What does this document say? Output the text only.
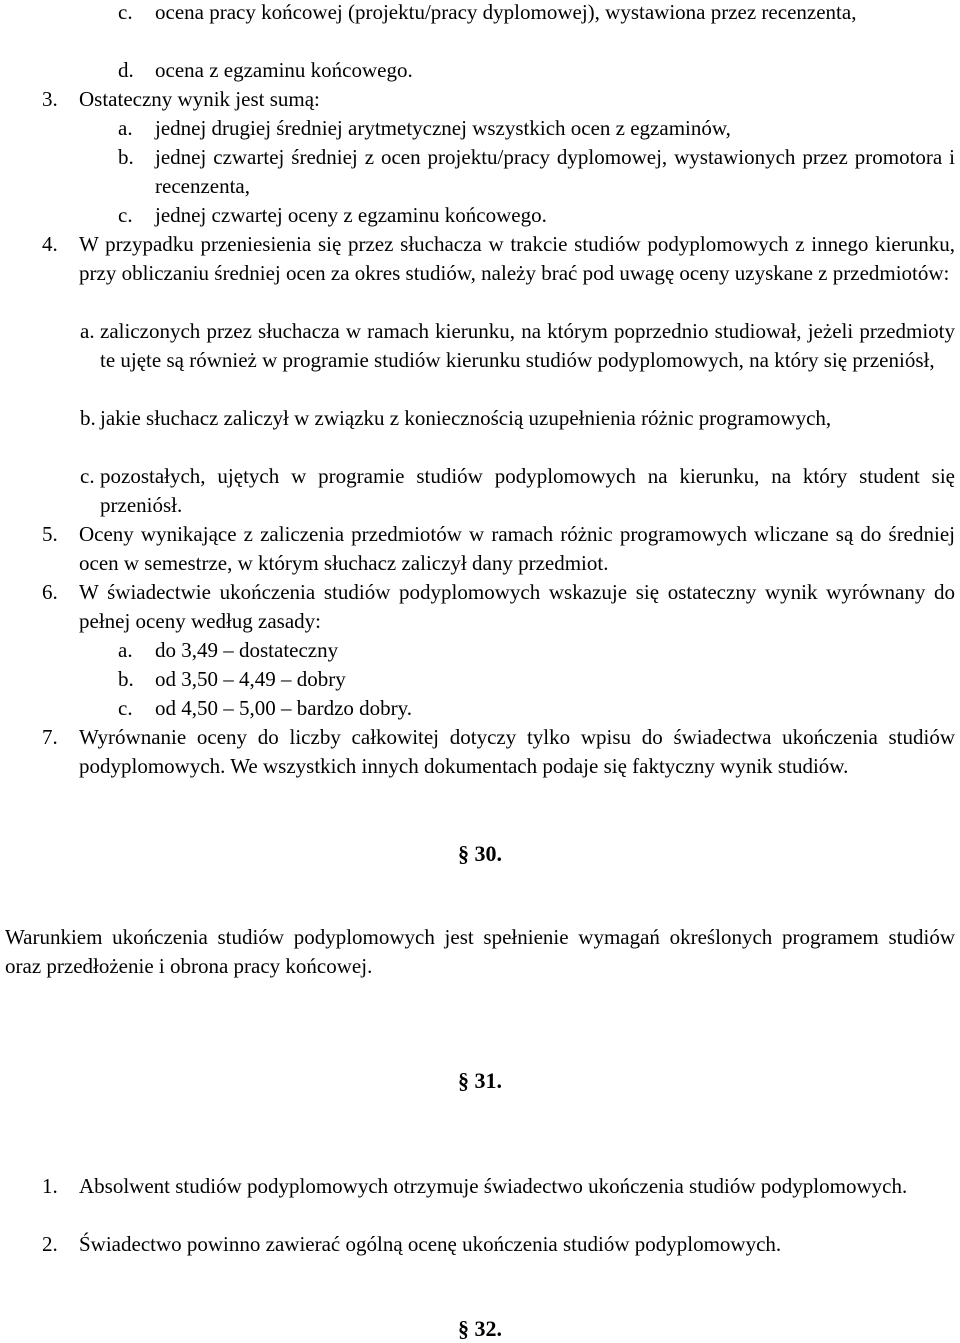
c.	ocena pracy końcowej (projektu/pracy dyplomowej), wystawiona przez recenzenta,
d.	ocena z egzaminu końcowego.
3.	Ostateczny wynik jest sumą:
a.	jednej drugiej średniej arytmetycznej wszystkich ocen z egzaminów,
b.	jednej czwartej średniej z ocen projektu/pracy dyplomowej, wystawionych przez promotora i recenzenta,
c.	jednej czwartej oceny z egzaminu końcowego.
4.	W przypadku przeniesienia się przez słuchacza w trakcie studiów podyplomowych z innego kierunku, przy obliczaniu średniej ocen za okres studiów, należy brać pod uwagę oceny uzyskane z przedmiotów:
a. zaliczonych przez słuchacza w ramach kierunku, na którym poprzednio studiował, jeżeli przedmioty te ujęte są również w programie studiów kierunku studiów podyplomowych, na który się przeniósł,
b. jakie słuchacz zaliczył w związku z koniecznością uzupełnienia różnic programowych,
c. pozostałych, ujętych w programie studiów podyplomowych na kierunku, na który student się przeniósł.
5.	Oceny wynikające z zaliczenia przedmiotów w ramach różnic programowych wliczane są do średniej ocen w semestrze, w którym słuchacz zaliczył dany przedmiot.
6.	W świadectwie ukończenia studiów podyplomowych wskazuje się ostateczny wynik wyrównany do pełnej oceny według zasady:
a.	do 3,49 – dostateczny
b.	od 3,50 – 4,49 – dobry
c.	od 4,50 – 5,00 – bardzo dobry.
7.	Wyrównanie oceny do liczby całkowitej dotyczy tylko wpisu do świadectwa ukończenia studiów podyplomowych. We wszystkich innych dokumentach podaje się faktyczny wynik studiów.
§ 30.
Warunkiem ukończenia studiów podyplomowych jest spełnienie wymagań określonych programem studiów oraz przedłożenie i obrona pracy końcowej.
§ 31.
1.	Absolwent studiów podyplomowych otrzymuje świadectwo ukończenia studiów podyplomowych.
2.	Świadectwo powinno zawierać ogólną ocenę ukończenia studiów podyplomowych.
§ 32.
